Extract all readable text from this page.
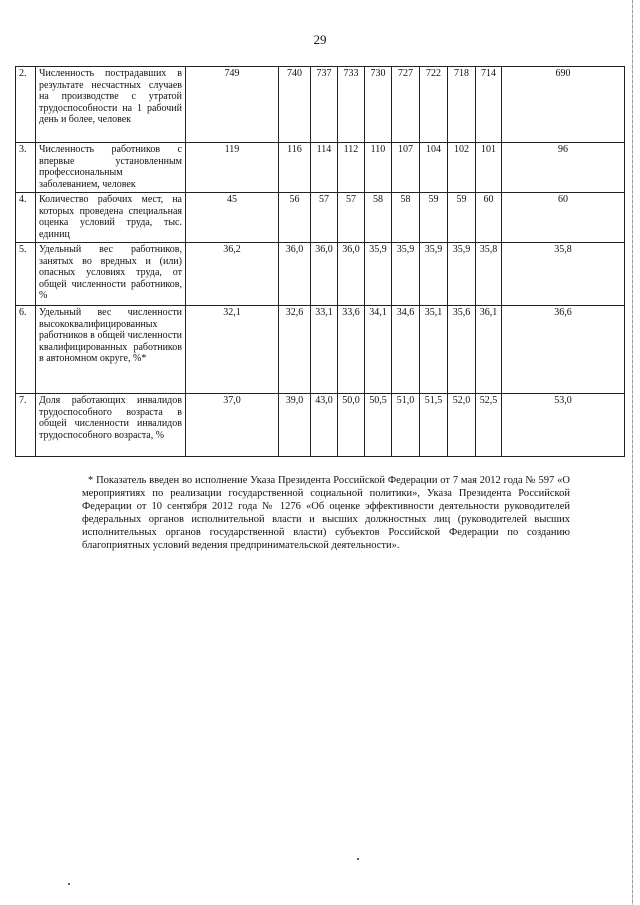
29
2.	Численность пострадавших в результате несчастных случаев на производстве с утратой трудоспособности на 1 рабочий день и более, человек	749	740	737	733	730	727	722	718	714	690
3.	Численность работников с впервые установленным профессиональным заболеванием, человек	119	116	114	112	110	107	104	102	101	96
4.	Количество рабочих мест, на которых проведена специальная оценка условий труда, тыс. единиц	45	56	57	57	58	58	59	59	60	60
5.	Удельный вес работников, занятых во вредных и (или) опасных условиях труда, от общей численности работников, %	36,2	36,0	36,0	36,0	35,9	35,9	35,9	35,9	35,8	35,8
6.	Удельный вес численности высококвалифицированных работников в общей численности квалифицированных работников в автономном округе, %*	32,1	32,6	33,1	33,6	34,1	34,6	35,1	35,6	36,1	36,6
7.	Доля работающих инвалидов трудоспособного возраста в общей численности инвалидов трудоспособного возраста, %	37,0	39,0	43,0	50,0	50,5	51,0	51,5	52,0	52,5	53,0
* Показатель введен во исполнение Указа Президента Российской Федерации от 7 мая 2012 года № 597 «О мероприятиях по реализации государственной социальной политики», Указа Президента Российской Федерации от 10 сентября 2012 года № 1276 «Об оценке эффективности деятельности руководителей федеральных органов исполнительной власти и высших должностных лиц (руководителей высших исполнительных органов государственной власти) субъектов Российской Федерации по созданию благоприятных условий ведения предпринимательской деятельности».
